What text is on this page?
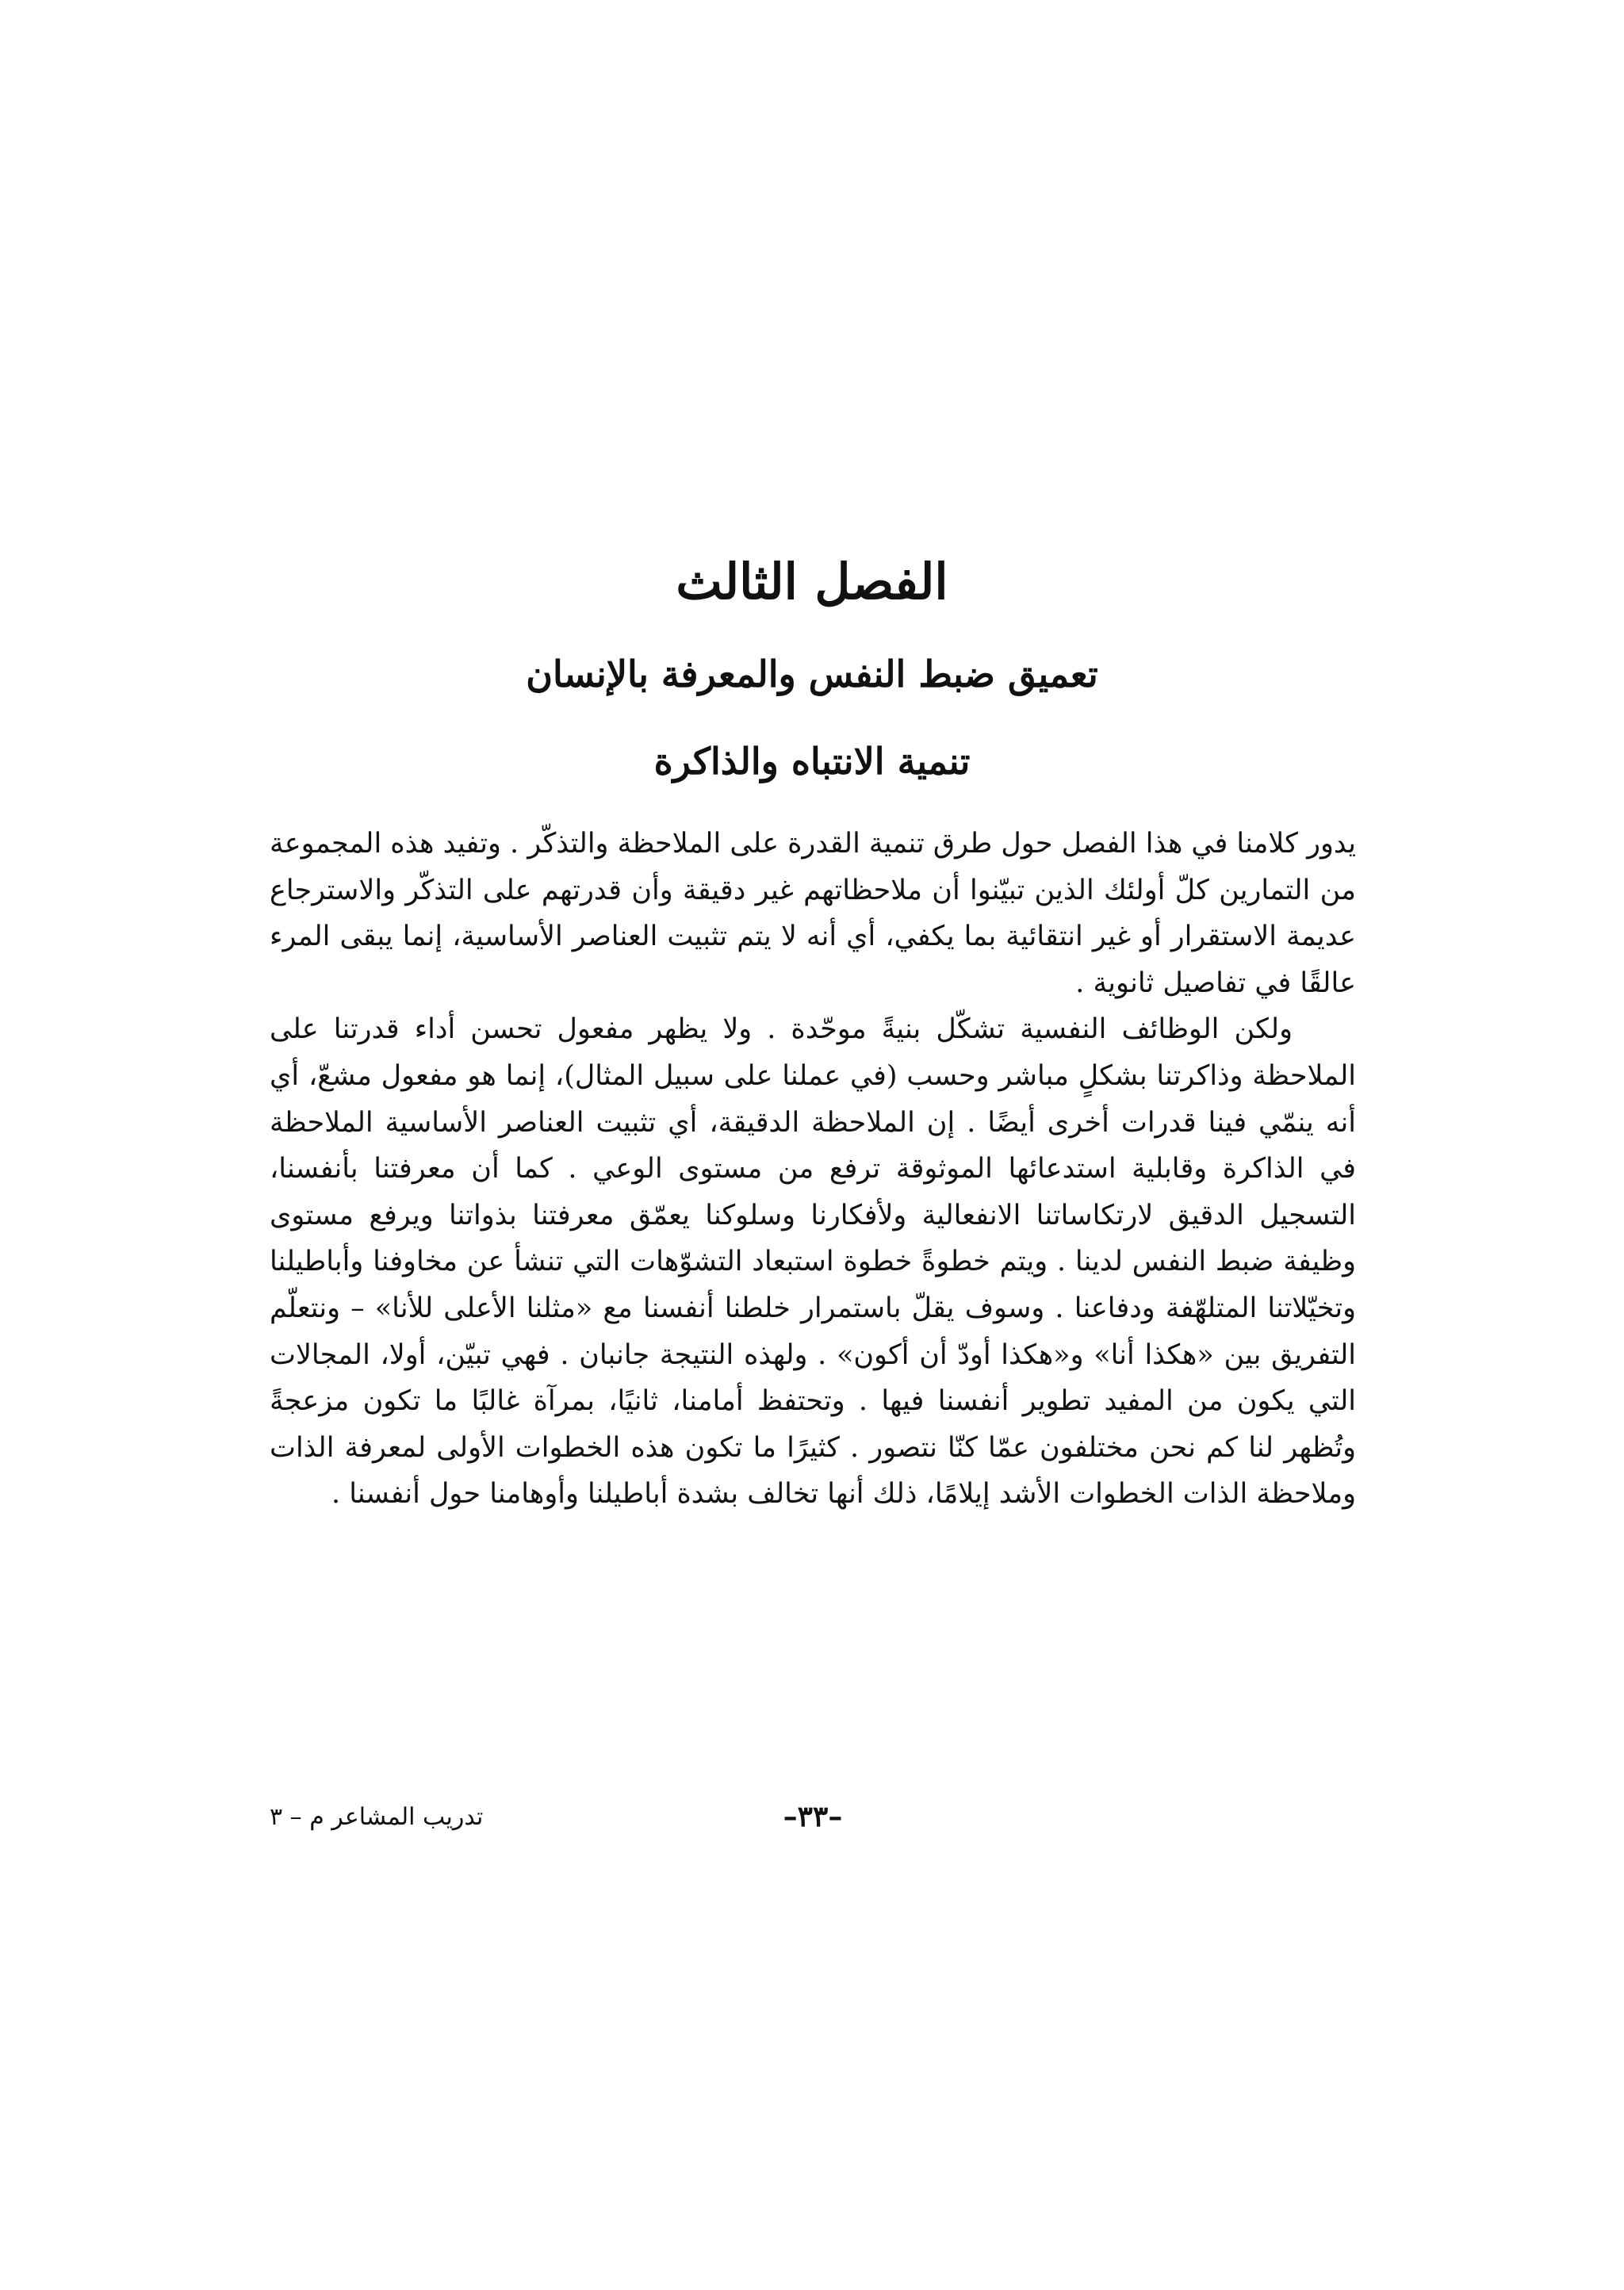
الفصل الثالث
تعميق ضبط النفس والمعرفة بالإنسان
تنمية الانتباه والذاكرة

يدور كلامنا في هذا الفصل حول طرق تنمية القدرة على الملاحظة والتذكّر . وتفيد هذه المجموعة من التمارين كلّ أولئك الذين تبيّنوا أن ملاحظاتهم غير دقيقة وأن قدرتهم على التذكّر والاسترجاع عديمة الاستقرار أو غير انتقائية بما يكفي، أي أنه لا يتم تثبيت العناصر الأساسية، إنما يبقى المرء عالقًا في تفاصيل ثانوية .

ولكن الوظائف النفسية تشكّل بنيةً موحّدة . ولا يظهر مفعول تحسن أداء قدرتنا على الملاحظة وذاكرتنا بشكلٍ مباشر وحسب (في عملنا على سبيل المثال)، إنما هو مفعول مشعّ، أي أنه ينمّي فينا قدرات أخرى أيضًا . إن الملاحظة الدقيقة، أي تثبيت العناصر الأساسية الملاحظة في الذاكرة وقابلية استدعائها الموثوقة ترفع من مستوى الوعي . كما أن معرفتنا بأنفسنا، التسجيل الدقيق لارتكاساتنا الانفعالية ولأفكارنا وسلوكنا يعمّق معرفتنا بذواتنا ويرفع مستوى وظيفة ضبط النفس لدينا . ويتم خطوةً خطوة استبعاد التشوّهات التي تنشأ عن مخاوفنا وأباطيلنا وتخيّلاتنا المتلهّفة ودفاعنا . وسوف يقلّ باستمرار خلطنا أنفسنا مع «مثلنا الأعلى للأنا» – ونتعلّم التفريق بين «هكذا أنا» و«هكذا أودّ أن أكون» . ولهذه النتيجة جانبان . فهي تبيّن، أولا، المجالات التي يكون من المفيد تطوير أنفسنا فيها . وتحتفظ أمامنا، ثانيًا، بمرآة غالبًا ما تكون مزعجةً وتُظهر لنا كم نحن مختلفون عمّا كنّا نتصور . كثيرًا ما تكون هذه الخطوات الأولى لمعرفة الذات وملاحظة الذات الخطوات الأشد إيلامًا، ذلك أنها تخالف بشدة أباطيلنا وأوهامنا حول أنفسنا .

–٣٣–
تدريب المشاعر م – ٣
